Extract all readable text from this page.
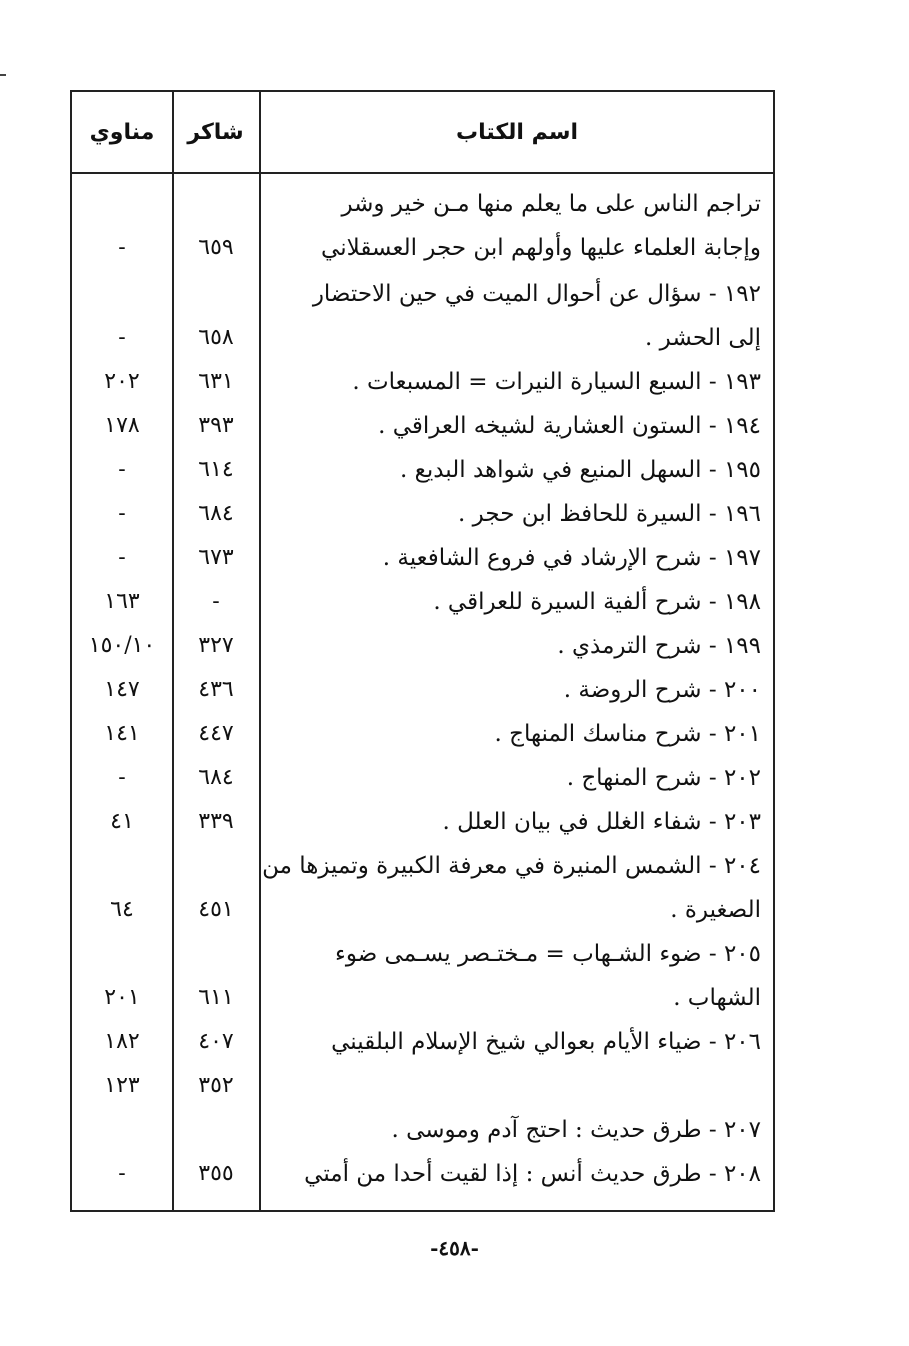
مناوي	شاكر	اسم الكتاب
تراجم الناس على ما يعلم منها مـن خير وشر
وإجابة العلماء عليها وأولهم ابن حجر العسقلاني
٦٥٩
-
١٩٢ - سؤال عن أحوال الميت في حين الاحتضار
إلى الحشر .
٦٥٨
-
١٩٣ - السبع السيارة النيرات = المسبعات .
٦٣١
٢٠٢
١٩٤ - الستون العشارية لشيخه العراقي .
٣٩٣
١٧٨
١٩٥ - السهل المنيع في شواهد البديع .
٦١٤
-
١٩٦ - السيرة للحافظ ابن حجر .
٦٨٤
-
١٩٧ - شرح الإرشاد في فروع الشافعية .
٦٧٣
-
١٩٨ - شرح ألفية السيرة للعراقي .
-
١٦٣
١٩٩ - شرح الترمذي .
٣٢٧
١٥٠/١٠
٢٠٠ - شرح الروضة .
٤٣٦
١٤٧
٢٠١ - شرح مناسك المنهاج .
٤٤٧
١٤١
٢٠٢ - شرح المنهاج .
٦٨٤
-
٢٠٣ - شفاء الغلل في بيان العلل .
٣٣٩
٤١
٢٠٤ - الشمس المنيرة في معرفة الكبيرة وتميزها من
الصغيرة .
٤٥١
٦٤
٢٠٥ - ضوء الشـهاب = مـختـصر يسـمى ضوء
الشهاب .
٦١١
٢٠١
٢٠٦ - ضياء الأيام بعوالي شيخ الإسلام البلقيني
٤٠٧
١٨٢
٣٥٢
١٢٣
٢٠٧ - طرق حديث : احتج آدم وموسى .
٢٠٨ - طرق حديث أنس : إذا لقيت أحدا من أمتي
٣٥٥
-
-٤٥٨-
